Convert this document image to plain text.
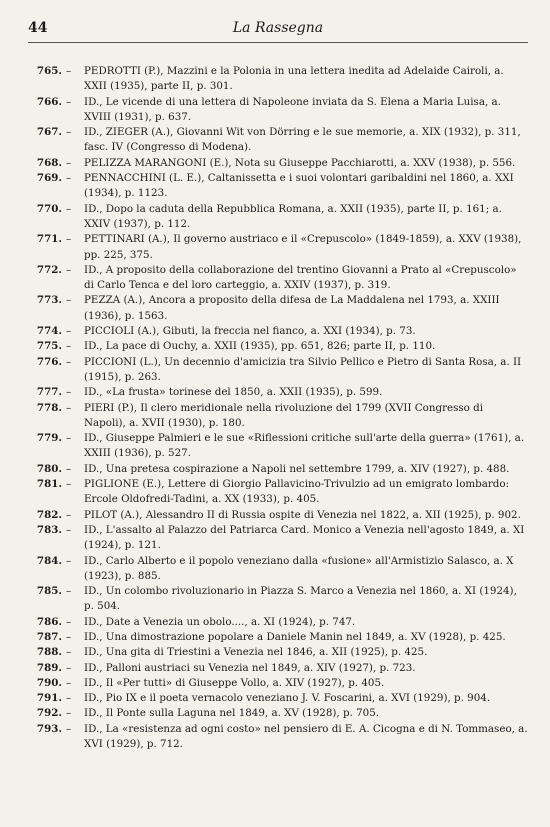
44	La Rassegna
765. – PEDROTTI (P.), Mazzini e la Polonia in una lettera inedita ad Adelaide Cairoli, a. XXII (1935), parte II, p. 301.
766. – ID., Le vicende di una lettera di Napoleone inviata da S. Elena a Maria Luisa, a. XVIII (1931), p. 637.
767. – ID., ZIEGER (A.), Giovanni Wit von Dörring e le sue memorie, a. XIX (1932), p. 311, fasc. IV (Congresso di Modena).
768. – PELIZZA MARANGONI (E.), Nota su Giuseppe Pacchiarotti, a. XXV (1938), p. 556.
769. – PENNACCHINI (L. E.), Caltanissetta e i suoi volontari garibaldini nel 1860, a. XXI (1934), p. 1123.
770. – ID., Dopo la caduta della Repubblica Romana, a. XXII (1935), parte II, p. 161; a. XXIV (1937), p. 112.
771. – PETTINARI (A.), Il governo austriaco e il «Crepuscolo» (1849-1859), a. XXV (1938), pp. 225, 375.
772. – ID., A proposito della collaborazione del trentino Giovanni a Prato al «Crepuscolo» di Carlo Tenca e del loro carteggio, a. XXIV (1937), p. 319.
773. – PEZZA (A.), Ancora a proposito della difesa de La Maddalena nel 1793, a. XXIII (1936), p. 1563.
774. – PICCIOLI (A.), Gibuti, la freccia nel fianco, a. XXI (1934), p. 73.
775. – ID., La pace di Ouchy, a. XXII (1935), pp. 651, 826; parte II, p. 110.
776. – PICCIONI (L.), Un decennio d'amicizia tra Silvio Pellico e Pietro di Santa Rosa, a. II (1915), p. 263.
777. – ID., «La frusta» torinese del 1850, a. XXII (1935), p. 599.
778. – PIERI (P.), Il clero meridionale nella rivoluzione del 1799 (XVII Congresso di Napoli), a. XVII (1930), p. 180.
779. – ID., Giuseppe Palmieri e le sue «Riflessioni critiche sull'arte della guerra» (1761), a. XXIII (1936), p. 527.
780. – ID., Una pretesa cospirazione a Napoli nel settembre 1799, a. XIV (1927), p. 488.
781. – PIGLIONE (E.), Lettere di Giorgio Pallavicino-Trivulzio ad un emigrato lombardo: Ercole Oldofredi-Tadini, a. XX (1933), p. 405.
782. – PILOT (A.), Alessandro II di Russia ospite di Venezia nel 1822, a. XII (1925), p. 902.
783. – ID., L'assalto al Palazzo del Patriarca Card. Monico a Venezia nell'agosto 1849, a. XI (1924), p. 121.
784. – ID., Carlo Alberto e il popolo veneziano dalla «fusione» all'Armistizio Salasco, a. X (1923), p. 885.
785. – ID., Un colombo rivoluzionario in Piazza S. Marco a Venezia nel 1860, a. XI (1924), p. 504.
786. – ID., Date a Venezia un obolo...., a. XI (1924), p. 747.
787. – ID., Una dimostrazione popolare a Daniele Manin nel 1849, a. XV (1928), p. 425.
788. – ID., Una gita di Triestini a Venezia nel 1846, a. XII (1925), p. 425.
789. – ID., Palloni austriaci su Venezia nel 1849, a. XIV (1927), p. 723.
790. – ID., Il «Per tutti» di Giuseppe Vollo, a. XIV (1927), p. 405.
791. – ID., Pio IX e il poeta vernacolo veneziano J. V. Foscarini, a. XVI (1929), p. 904.
792. – ID., Il Ponte sulla Laguna nel 1849, a. XV (1928), p. 705.
793. – ID., La «resistenza ad ogni costo» nel pensiero di E. A. Cicogna e di N. Tommaseo, a. XVI (1929), p. 712.
